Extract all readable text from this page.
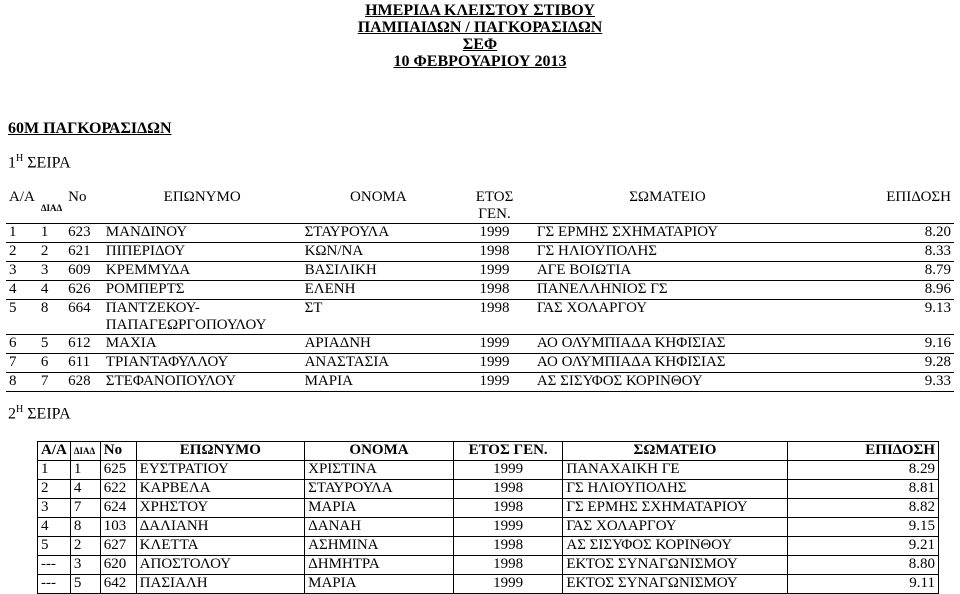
ΗΜΕΡΙΔΑ ΚΛΕΙΣΤΟΥ ΣΤΙΒΟΥ
ΠΑΜΠΑΙΔΩΝ / ΠΑΓΚΟΡΑΣΙΔΩΝ
ΣΕΦ
10 ΦΕΒΡΟΥΑΡΙΟΥ 2013
60Μ ΠΑΓΚΟΡΑΣΙΔΩΝ
$1^H$ ΣΕΙΡΑ
Α/Α	ΔΙΑΔ	Νο	ΕΠΩΝΥΜΟ	ΟΝΟΜΑ	ΕΤΟΣ
ΓΕΝ.	ΣΩΜΑΤΕΙΟ	ΕΠΙΔΟΣΗ
1	1	623	ΜΑΝΔΙΝΟΥ	ΣΤΑΥΡΟΥΛΑ	1999	ΓΣ ΕΡΜΗΣ ΣΧΗΜΑΤΑΡΙΟΥ	8.20
2	2	621	ΠΙΠΕΡΙΔΟΥ	ΚΩΝ/ΝΑ	1998	ΓΣ ΗΛΙΟΥΠΟΛΗΣ	8.33
3	3	609	ΚΡΕΜΜΥΔΑ	ΒΑΣΙΛΙΚΗ	1999	ΑΓΕ ΒΟΙΩΤΙΑ	8.79
4	4	626	ΡΟΜΠΕΡΤΣ	ΕΛΕΝΗ	1998	ΠΑΝΕΛΛΗΝΙΟΣ ΓΣ	8.96
5	8	664	ΠΑΝΤΖΕΚΟΥ-
ΠΑΠΑΓΕΩΡΓΟΠΟΥΛΟΥ	ΣΤ	1998	ΓΑΣ ΧΟΛΑΡΓΟΥ	9.13
6	5	612	ΜΑΧΙΑ	ΑΡΙΑΔΝΗ	1999	ΑΟ ΟΛΥΜΠΙΑΔΑ ΚΗΦΙΣΙΑΣ	9.16
7	6	611	ΤΡΙΑΝΤΑΦΥΛΛΟΥ	ΑΝΑΣΤΑΣΙΑ	1999	ΑΟ ΟΛΥΜΠΙΑΔΑ ΚΗΦΙΣΙΑΣ	9.28
8	7	628	ΣΤΕΦΑΝΟΠΟΥΛΟΥ	ΜΑΡΙΑ	1999	ΑΣ ΣΙΣΥΦΟΣ ΚΟΡΙΝΘΟΥ	9.33
$2^H$ ΣΕΙΡΑ
Α/Α	ΔΙΑΔ	Νο	ΕΠΩΝΥΜΟ	ΟΝΟΜΑ	ΕΤΟΣ ΓΕΝ.	ΣΩΜΑΤΕΙΟ	ΕΠΙΔΟΣΗ
1	1	625	ΕΥΣΤΡΑΤΙΟΥ	ΧΡΙΣΤΙΝΑ	1999	ΠΑΝΑΧΑΙΚΗ ΓΕ	8.29
2	4	622	ΚΑΡΒΕΛΑ	ΣΤΑΥΡΟΥΛΑ	1998	ΓΣ ΗΛΙΟΥΠΟΛΗΣ	8.81
3	7	624	ΧΡΗΣΤΟΥ	ΜΑΡΙΑ	1998	ΓΣ ΕΡΜΗΣ ΣΧΗΜΑΤΑΡΙΟΥ	8.82
4	8	103	ΔΑΛΙΑΝΗ	ΔΑΝΑΗ	1999	ΓΑΣ ΧΟΛΑΡΓΟΥ	9.15
5	2	627	ΚΛΕΤΤΑ	ΑΣΗΜΙΝΑ	1998	ΑΣ ΣΙΣΥΦΟΣ ΚΟΡΙΝΘΟΥ	9.21
---	3	620	ΑΠΟΣΤΟΛΟΥ	ΔΗΜΗΤΡΑ	1998	ΕΚΤΟΣ ΣΥΝΑΓΩΝΙΣΜΟΥ	8.80
---	5	642	ΠΑΣΙΑΛΗ	ΜΑΡΙΑ	1999	ΕΚΤΟΣ ΣΥΝΑΓΩΝΙΣΜΟΥ	9.11
